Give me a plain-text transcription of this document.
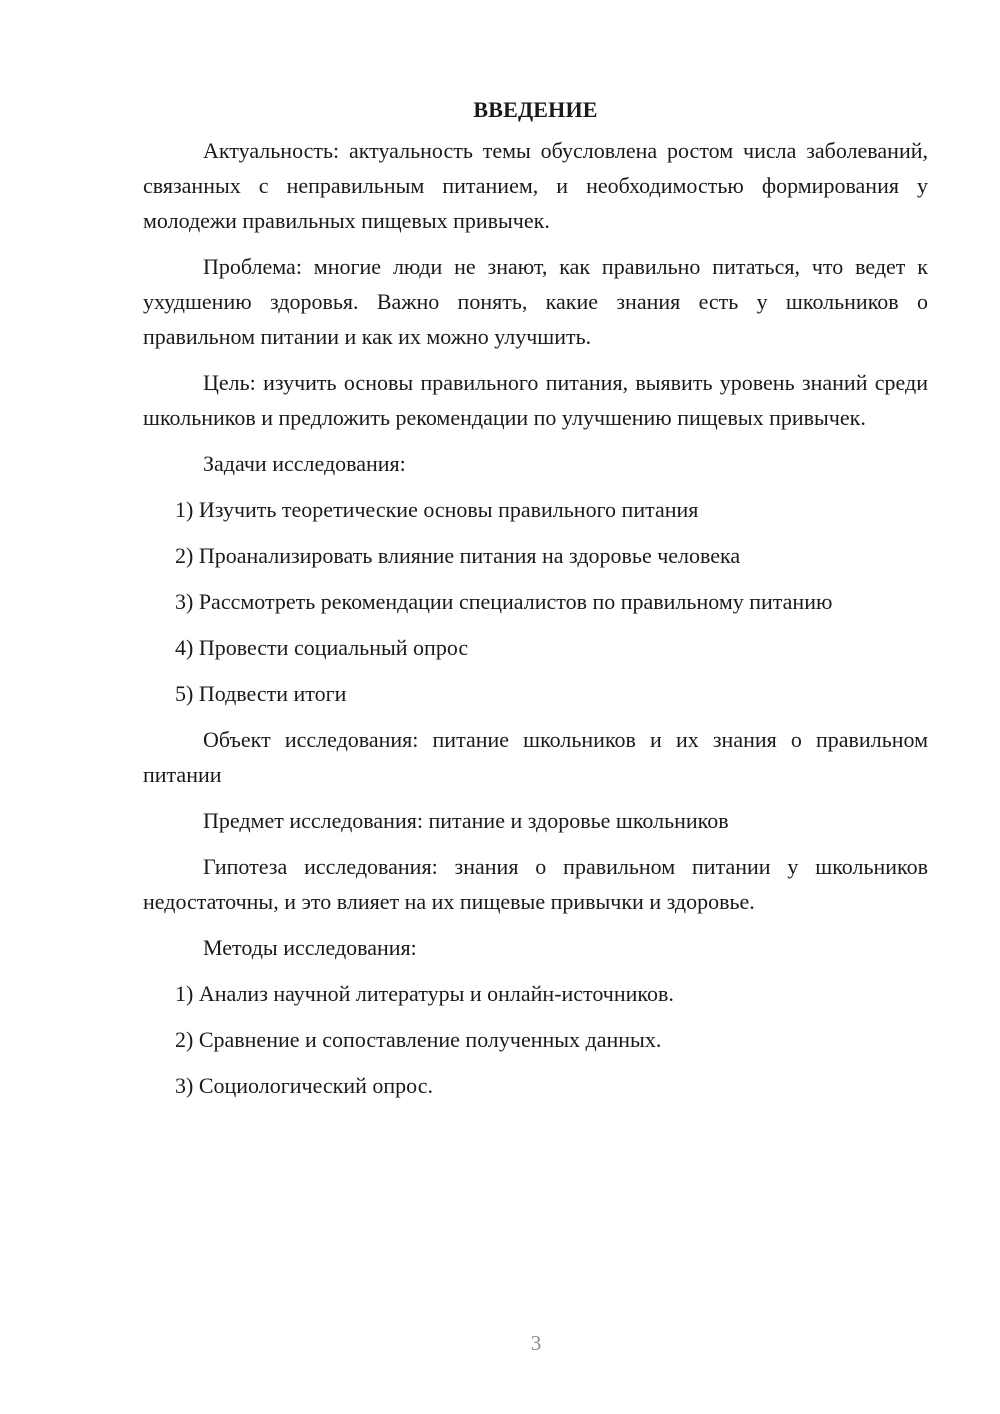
ВВЕДЕНИЕ

Актуальность: актуальность темы обусловлена ростом числа заболеваний, связанных с неправильным питанием, и необходимостью формирования у молодежи правильных пищевых привычек.

Проблема: многие люди не знают, как правильно питаться, что ведет к ухудшению здоровья. Важно понять, какие знания есть у школьников о правильном питании и как их можно улучшить.

Цель: изучить основы правильного питания, выявить уровень знаний среди школьников и предложить рекомендации по улучшению пищевых привычек.

Задачи исследования:

1) Изучить теоретические основы правильного питания
2) Проанализировать влияние питания на здоровье человека
3) Рассмотреть рекомендации специалистов по правильному питанию
4) Провести социальный опрос
5) Подвести итоги

Объект исследования: питание школьников и их знания о правильном питании

Предмет исследования: питание и здоровье школьников

Гипотеза исследования: знания о правильном питании у школьников недостаточны, и это влияет на их пищевые привычки и здоровье.

Методы исследования:

1) Анализ научной литературы и онлайн-источников.
2) Сравнение и сопоставление полученных данных.
3) Социологический опрос.
3
